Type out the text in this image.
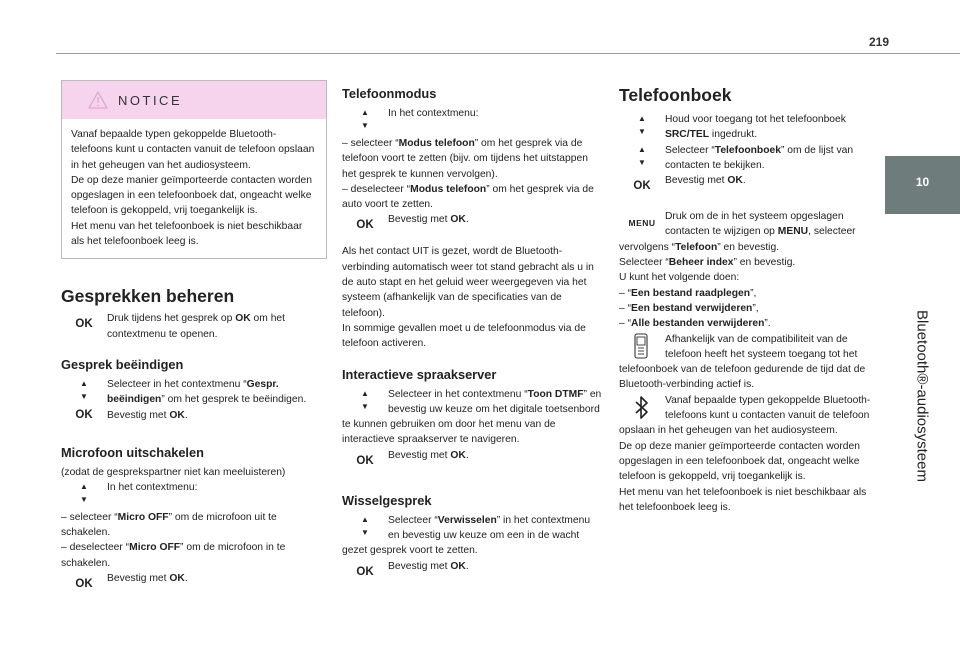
219
10
Bluetooth®-audiosysteem
NOTICE
Vanaf bepaalde typen gekoppelde Bluetooth-telefoons kunt u contacten vanuit de telefoon opslaan in het geheugen van het audiosysteem.
De op deze manier geïmporteerde contacten worden opgeslagen in een telefoonboek dat, ongeacht welke telefoon is gekoppeld, vrij toegankelijk is.
Het menu van het telefoonboek is niet beschikbaar als het telefoonboek leeg is.
Gesprekken beheren
OK	Druk tijdens het gesprek op OK om het contextmenu te openen.

Gesprek beëindigen
▲
▼

Selecteer in het contextmenu “Gespr. beëindigen” om het gesprek te beëindigen.

OK	Bevestig met OK.

Microfoon uitschakelen

(zodat de gesprekspartner niet kan meeluisteren)

▲
▼

In het contextmenu:

– selecteer “Micro OFF” om de microfoon uit te schakelen.

– deselecteer “Micro OFF” om de microfoon in te schakelen.

OK	Bevestig met OK.

Telefoonmodus
▲
▼

In het contextmenu:

– selecteer “Modus telefoon” om het gesprek via de telefoon voort te zetten (bijv. om tijdens het uitstappen het gesprek te kunnen vervolgen).

– deselecteer “Modus telefoon” om het gesprek via de auto voort te zetten.

OK	Bevestig met OK.

Als het contact UIT is gezet, wordt de Bluetooth-verbinding automatisch weer tot stand gebracht als u in de auto stapt en het geluid weer weergegeven via het systeem (afhankelijk van de specificaties van de telefoon).
In sommige gevallen moet u de telefoonmodus via de telefoon activeren.

Interactieve spraakserver
▲
▼

Selecteer in het contextmenu “Toon DTMF” en bevestig uw keuze om het digitale toetsenbord te kunnen gebruiken om door het menu van de interactieve spraakserver te navigeren.

OK	Bevestig met OK.

Wisselgesprek
▲
▼

Selecteer “Verwisselen” in het contextmenu en bevestig uw keuze om een in de wacht gezet gesprek voort te zetten.

OK	Bevestig met OK.

Telefoonboek
▲
▼

Houd voor toegang tot het telefoonboek SRC/TEL ingedrukt.

▲
▼

Selecteer “Telefoonboek” om de lijst van contacten te bekijken.

OK	Bevestig met OK.

MENU

Druk om de in het systeem opgeslagen contacten te wijzigen op MENU, selecteer vervolgens “Telefoon” en bevestig.

Selecteer “Beheer index” en bevestig.

U kunt het volgende doen:

– “Een bestand raadplegen”,

– “Een bestand verwijderen”,

– “Alle bestanden verwijderen”.

Afhankelijk van de compatibiliteit van de telefoon heeft het systeem toegang tot het telefoonboek van de telefoon gedurende de tijd dat de Bluetooth-verbinding actief is.

Vanaf bepaalde typen gekoppelde Bluetooth-telefoons kunt u contacten vanuit de telefoon opslaan in het geheugen van het audiosysteem.
De op deze manier geïmporteerde contacten worden opgeslagen in een telefoonboek dat, ongeacht welke telefoon is gekoppeld, vrij toegankelijk is.
Het menu van het telefoonboek is niet beschikbaar als het telefoonboek leeg is.
